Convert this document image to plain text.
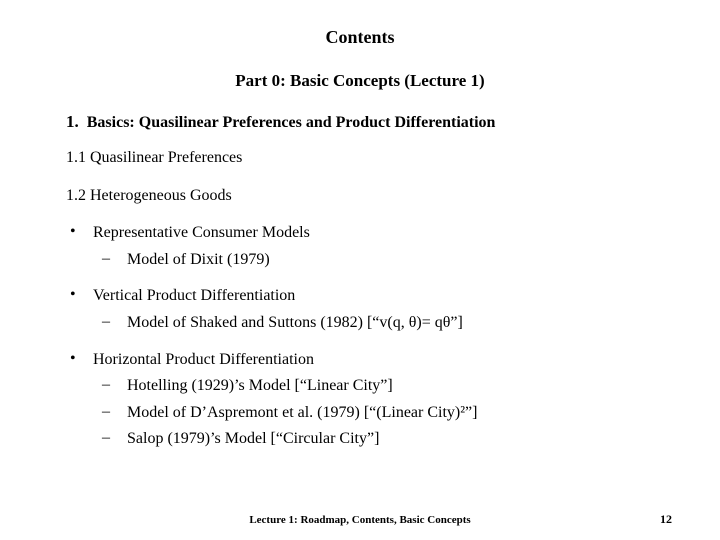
Contents
Part 0: Basic Concepts (Lecture 1)
1. Basics: Quasilinear Preferences and Product Differentiation
1.1 Quasilinear Preferences
1.2 Heterogeneous Goods
• Representative Consumer Models
– Model of Dixit (1979)
• Vertical Product Differentiation
– Model of Shaked and Suttons (1982) [“v(q, θ)= qθ”]
• Horizontal Product Differentiation
– Hotelling (1929)’s Model [“Linear City”]
– Model of D’Aspremont et al. (1979) [“(Linear City)²”]
– Salop (1979)’s Model [“Circular City”]
Lecture 1: Roadmap, Contents, Basic Concepts	12
